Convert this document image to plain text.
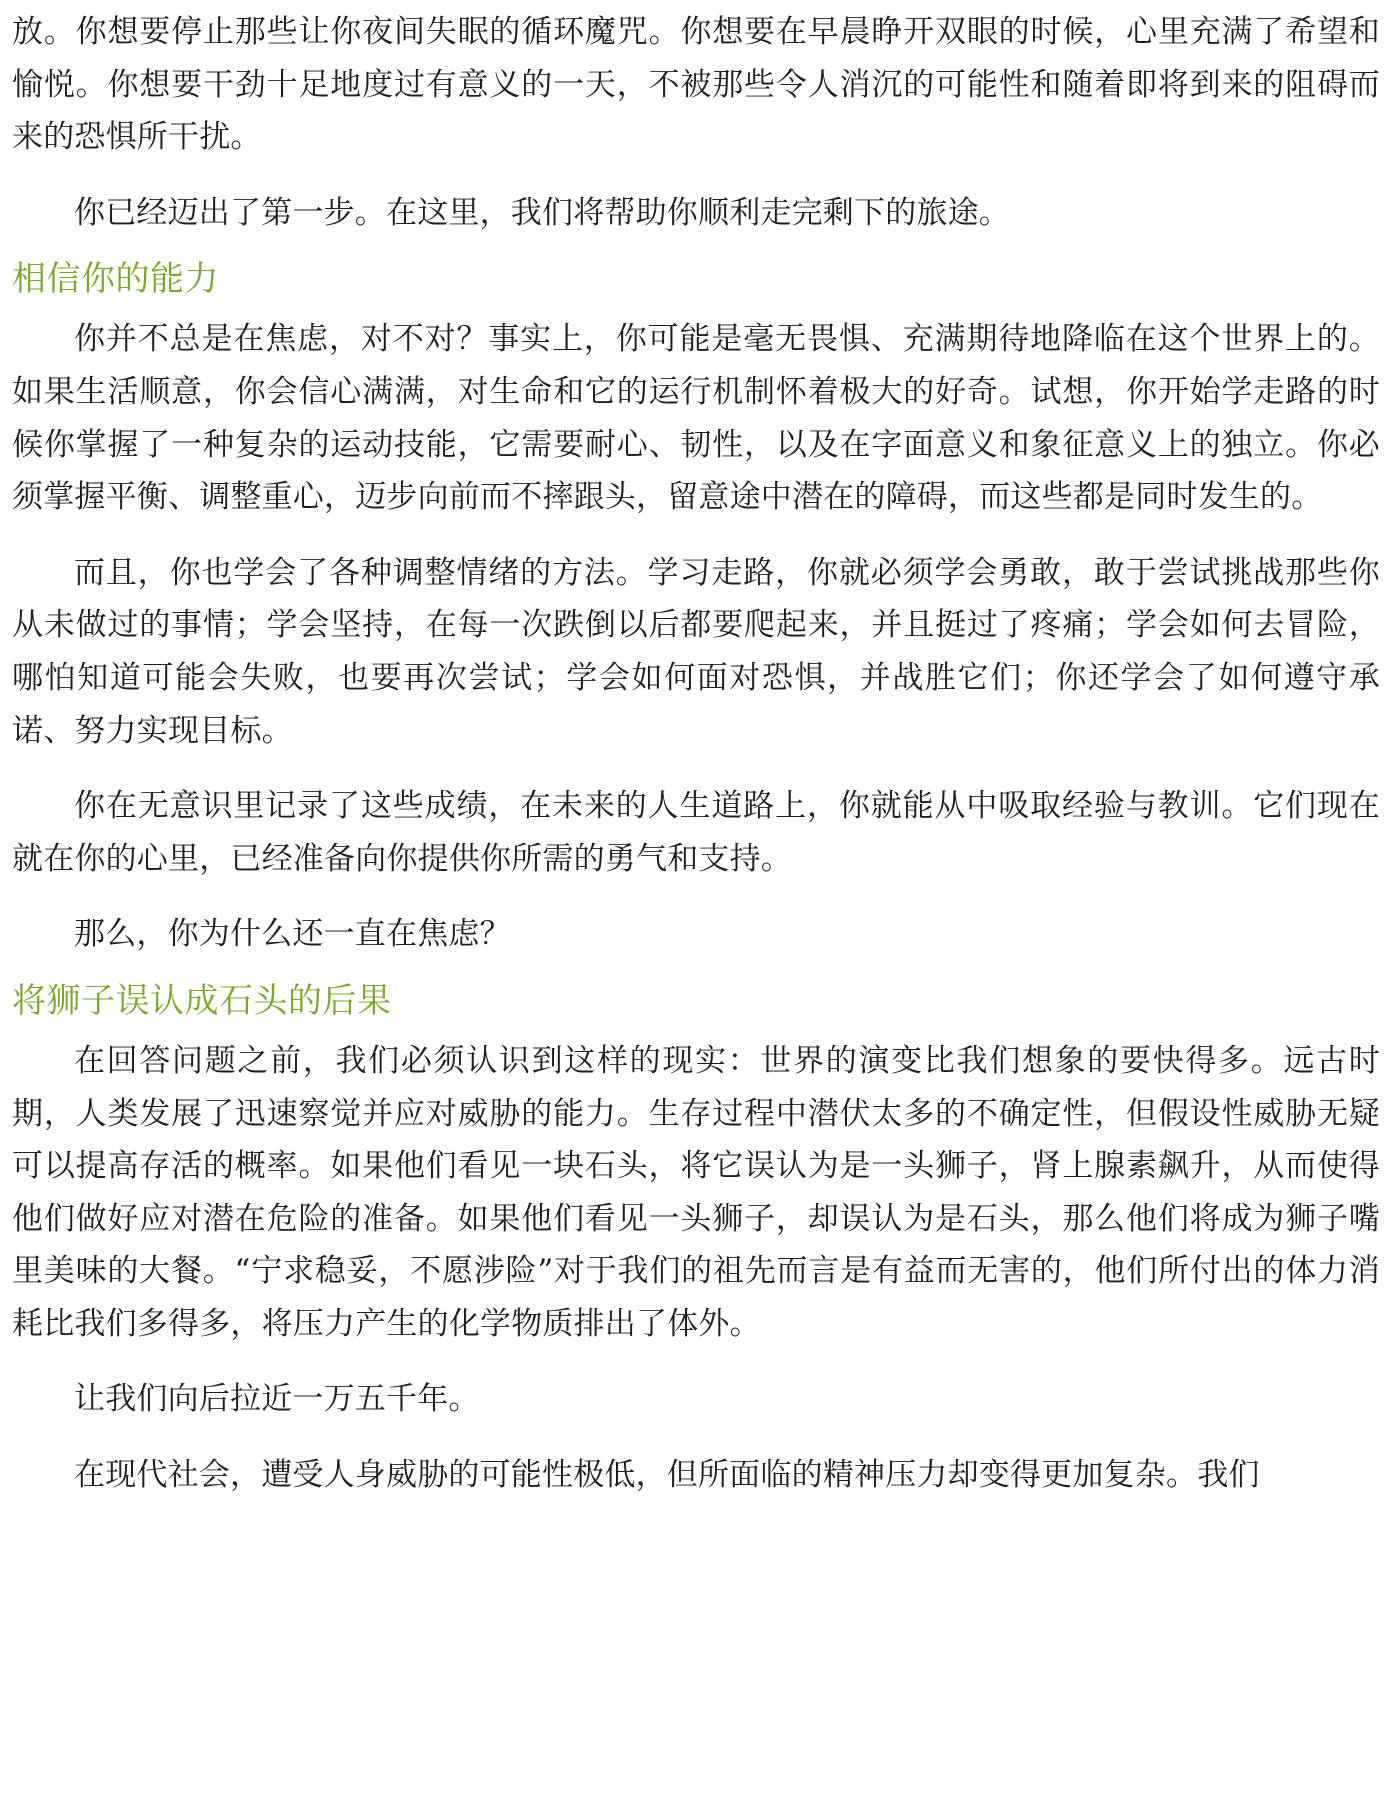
放。你想要停止那些让你夜间失眠的循环魔咒。你想要在早晨睁开双眼的时候，心里充满了希望和愉悦。你想要干劲十足地度过有意义的一天，不被那些令人消沉的可能性和随着即将到来的阻碍而来的恐惧所干扰。

你已经迈出了第一步。在这里，我们将帮助你顺利走完剩下的旅途。

相信你的能力

你并不总是在焦虑，对不对？事实上，你可能是毫无畏惧、充满期待地降临在这个世界上的。如果生活顺意，你会信心满满，对生命和它的运行机制怀着极大的好奇。试想，你开始学走路的时候你掌握了一种复杂的运动技能，它需要耐心、韧性，以及在字面意义和象征意义上的独立。你必须掌握平衡、调整重心，迈步向前而不摔跟头，留意途中潜在的障碍，而这些都是同时发生的。

而且，你也学会了各种调整情绪的方法。学习走路，你就必须学会勇敢，敢于尝试挑战那些你从未做过的事情；学会坚持，在每一次跌倒以后都要爬起来，并且挺过了疼痛；学会如何去冒险，哪怕知道可能会失败，也要再次尝试；学会如何面对恐惧，并战胜它们；你还学会了如何遵守承诺、努力实现目标。

你在无意识里记录了这些成绩，在未来的人生道路上，你就能从中吸取经验与教训。它们现在就在你的心里，已经准备向你提供你所需的勇气和支持。

那么，你为什么还一直在焦虑？

将狮子误认成石头的后果

在回答问题之前，我们必须认识到这样的现实：世界的演变比我们想象的要快得多。远古时期，人类发展了迅速察觉并应对威胁的能力。生存过程中潜伏太多的不确定性，但假设性威胁无疑可以提高存活的概率。如果他们看见一块石头，将它误认为是一头狮子，肾上腺素飙升，从而使得他们做好应对潜在危险的准备。如果他们看见一头狮子，却误认为是石头，那么他们将成为狮子嘴里美味的大餐。“宁求稳妥，不愿涉险”对于我们的祖先而言是有益而无害的，他们所付出的体力消耗比我们多得多，将压力产生的化学物质排出了体外。

让我们向后拉近一万五千年。

在现代社会，遭受人身威胁的可能性极低，但所面临的精神压力却变得更加复杂。我们
